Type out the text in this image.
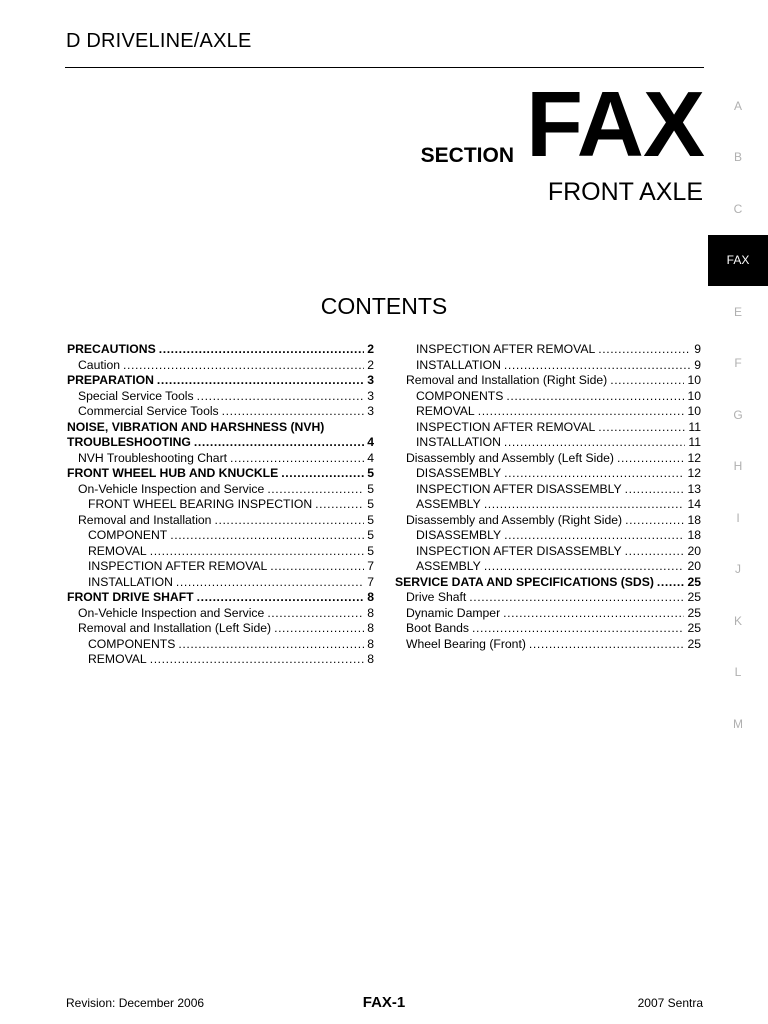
D DRIVELINE/AXLE
SECTION FAX
FRONT AXLE
CONTENTS
PRECAUTIONS .....	2
Caution .....	2
PREPARATION .....	3
Special Service Tools .....	3
Commercial Service Tools .....	3
NOISE, VIBRATION AND HARSHNESS (NVH)
TROUBLESHOOTING .....	4
NVH Troubleshooting Chart .....	4
FRONT WHEEL HUB AND KNUCKLE .....	5
On-Vehicle Inspection and Service .....	5
FRONT WHEEL BEARING INSPECTION .....	5
Removal and Installation .....	5
COMPONENT .....	5
REMOVAL .....	5
INSPECTION AFTER REMOVAL .....	7
INSTALLATION .....	7
FRONT DRIVE SHAFT .....	8
On-Vehicle Inspection and Service .....	8
Removal and Installation (Left Side) .....	8
COMPONENTS .....	8
REMOVAL .....	8
INSPECTION AFTER REMOVAL .....	9
INSTALLATION .....	9
Removal and Installation (Right Side) .....	10
COMPONENTS .....	10
REMOVAL .....	10
INSPECTION AFTER REMOVAL .....	11
INSTALLATION .....	11
Disassembly and Assembly (Left Side) .....	12
DISASSEMBLY .....	12
INSPECTION AFTER DISASSEMBLY .....	13
ASSEMBLY .....	14
Disassembly and Assembly (Right Side) .....	18
DISASSEMBLY .....	18
INSPECTION AFTER DISASSEMBLY .....	20
ASSEMBLY .....	20
SERVICE DATA AND SPECIFICATIONS (SDS) .....	25
Drive Shaft .....	25
Dynamic Damper .....	25
Boot Bands .....	25
Wheel Bearing (Front) .....	25
A
B
C
FAX
E
F
G
H
I
J
K
L
M
Revision: December 2006	FAX-1	2007 Sentra
